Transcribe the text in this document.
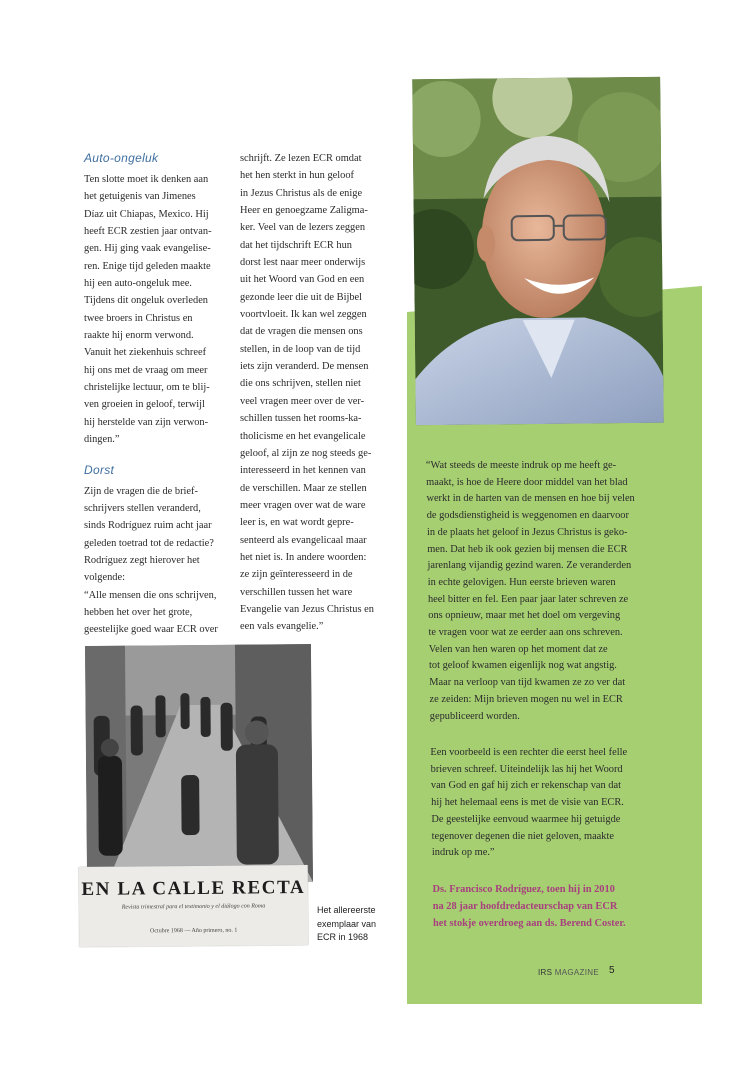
Auto-ongeluk

Ten slotte moet ik denken aan

het getuigenis van Jimenes

Díaz uit Chiapas, Mexico. Hij

heeft ECR zestien jaar ontvan-

gen. Hij ging vaak evangelise-

ren. Enige tijd geleden maakte

hij een auto-ongeluk mee.

Tijdens dit ongeluk overleden

twee broers in Christus en

raakte hij enorm verwond.

Vanuit het ziekenhuis schreef

hij ons met de vraag om meer

christelijke lectuur, om te blij-

ven groeien in geloof, terwijl

hij herstelde van zijn verwon-

dingen.”

Dorst

Zijn de vragen die de brief-

schrijvers stellen veranderd,

sinds Rodríguez ruim acht jaar

geleden toetrad tot de redactie?

Rodríguez zegt hierover het

volgende:

“Alle mensen die ons schrijven,

hebben het over het grote,

geestelijke goed waar ECR over

schrijft. Ze lezen ECR omdat

het hen sterkt in hun geloof

in Jezus Christus als de enige

Heer en genoegzame Zaligma-

ker. Veel van de lezers zeggen

dat het tijdschrift ECR hun

dorst lest naar meer onderwijs

uit het Woord van God en een

gezonde leer die uit de Bijbel

voortvloeit. Ik kan wel zeggen

dat de vragen die mensen ons

stellen, in de loop van de tijd

iets zijn veranderd. De mensen

die ons schrijven, stellen niet

veel vragen meer over de ver-

schillen tussen het rooms-ka-

tholicisme en het evangelicale

geloof, al zijn ze nog steeds ge-

interesseerd in het kennen van

de verschillen. Maar ze stellen

meer vragen over wat de ware

leer is, en wat wordt gepre-

senteerd als evangelicaal maar

het niet is. In andere woorden:

ze zijn geïnteresseerd in de

verschillen tussen het ware

Evangelie van Jezus Christus en

een vals evangelie.”

EN LA CALLE RECTA
Revista trimestral para el testimonio y el diálogo con Roma
Octubre 1968 — Año primero, no. 1
Het allereerste
exemplaar van
ECR in 1968
“Wat steeds de meeste indruk op me heeft ge-
maakt, is hoe de Heere door middel van het blad
werkt in de harten van de mensen en hoe bij velen
de godsdienstigheid is weggenomen en daarvoor
in de plaats het geloof in Jezus Christus is geko-
men. Dat heb ik ook gezien bij mensen die ECR
jarenlang vijandig gezind waren. Ze veranderden
in echte gelovigen. Hun eerste brieven waren
heel bitter en fel. Een paar jaar later schreven ze
ons opnieuw, maar met het doel om vergeving
te vragen voor wat ze eerder aan ons schreven.
Velen van hen waren op het moment dat ze
tot geloof kwamen eigenlijk nog wat angstig.
Maar na verloop van tijd kwamen ze zo ver dat
ze zeiden: Mijn brieven mogen nu wel in ECR
gepubliceerd worden.
Een voorbeeld is een rechter die eerst heel felle
brieven schreef. Uiteindelijk las hij het Woord
van God en gaf hij zich er rekenschap van dat
hij het helemaal eens is met de visie van ECR.
De geestelijke eenvoud waarmee hij getuigde
tegenover degenen die niet geloven, maakte
indruk op me.”
Ds. Francisco Rodríguez, toen hij in 2010
na 28 jaar hoofdredacteurschap van ECR
het stokje overdroeg aan ds. Berend Coster.
IRS MAGAZINE 5
